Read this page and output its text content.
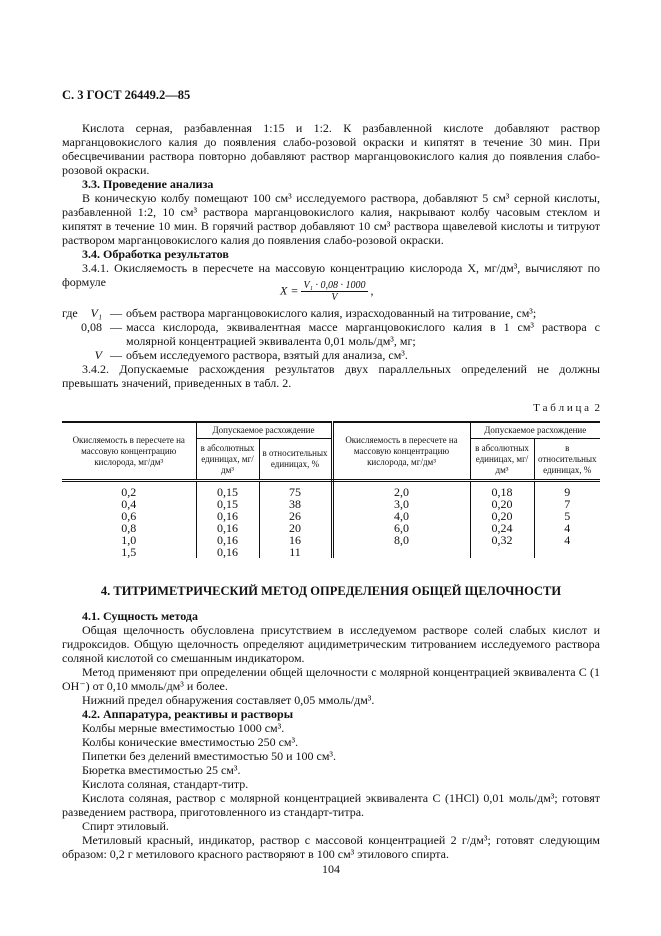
С. 3 ГОСТ 26449.2—85

Кислота серная, разбавленная 1:15 и 1:2. К разбавленной кислоте добавляют раствор марганцовокислого калия до появления слабо-розовой окраски и кипятят в течение 30 мин. При обесцвечивании раствора повторно добавляют раствор марганцовокислого калия до появления слабо-розовой окраски.

3.3. Проведение анализа

В коническую колбу помещают 100 см³ исследуемого раствора, добавляют 5 см³ серной кислоты, разбавленной 1:2, 10 см³ раствора марганцовокислого калия, накрывают колбу часовым стеклом и кипятят в течение 10 мин. В горячий раствор добавляют 10 см³ раствора щавелевой кислоты и титруют раствором марганцовокислого калия до появления слабо-розовой окраски.

3.4. Обработка результатов

3.4.1. Окисляемость в пересчете на массовую концентрацию кислорода X, мг/дм³, вычисляют по формуле

$X = \frac{\text{V₁ · 0,08 · 1000}}{V}$ ,
где	V₁ — объем раствора марганцовокислого калия, израсходованный на титрование, см³;
0,08 — масса кислорода, эквивалентная массе марганцовокислого калия в 1 см³ раствора с молярной концентрацией эквивалента 0,01 моль/дм³, мг;
V — объем исследуемого раствора, взятый для анализа, см³.

3.4.2. Допускаемые расхождения результатов двух параллельных определений не должны превышать значений, приведенных в табл. 2.

Т а б л и ц а  2
Окисляемость в пересчете на массовую концентрацию кислорода, мг/дм³	Допускаемое расхождение		Окисляемость в пересчете на массовую концентрацию кислорода, мг/дм³	Допускаемое расхождение	
	в абсолютных единицах, мг/дм³	в относительных единицах, %		в абсолютных единицах, мг/дм³	в относительных единицах, %
0,2	0,15	75	2,0	0,18	9
0,4	0,15	38	3,0	0,20	7
0,6	0,16	26	4,0	0,20	5
0,8	0,16	20	6,0	0,24	4
1,0	0,16	16	8,0	0,32	4
1,5	0,16	11			
4. ТИТРИМЕТРИЧЕСКИЙ МЕТОД ОПРЕДЕЛЕНИЯ ОБЩЕЙ ЩЕЛОЧНОСТИ

4.1. Сущность метода

Общая щелочность обусловлена присутствием в исследуемом растворе солей слабых кислот и гидроксидов. Общую щелочность определяют ацидиметрическим титрованием исследуемого раствора соляной кислотой со смешанным индикатором.

Метод применяют при определении общей щелочности с молярной концентрацией эквивалента C (1 OH⁻) от 0,10 ммоль/дм³ и более.

Нижний предел обнаружения составляет 0,05 ммоль/дм³.

4.2. Аппаратура, реактивы и растворы

Колбы мерные вместимостью 1000 см³.

Колбы конические вместимостью 250 см³.

Пипетки без делений вместимостью 50 и 100 см³.

Бюретка вместимостью 25 см³.

Кислота соляная, стандарт-титр.

Кислота соляная, раствор с молярной концентрацией эквивалента C (1HCl) 0,01 моль/дм³; готовят разведением раствора, приготовленного из стандарт-титра.

Спирт этиловый.

Метиловый красный, индикатор, раствор с массовой концентрацией 2 г/дм³; готовят следующим образом: 0,2 г метилового красного растворяют в 100 см³ этилового спирта.

104
